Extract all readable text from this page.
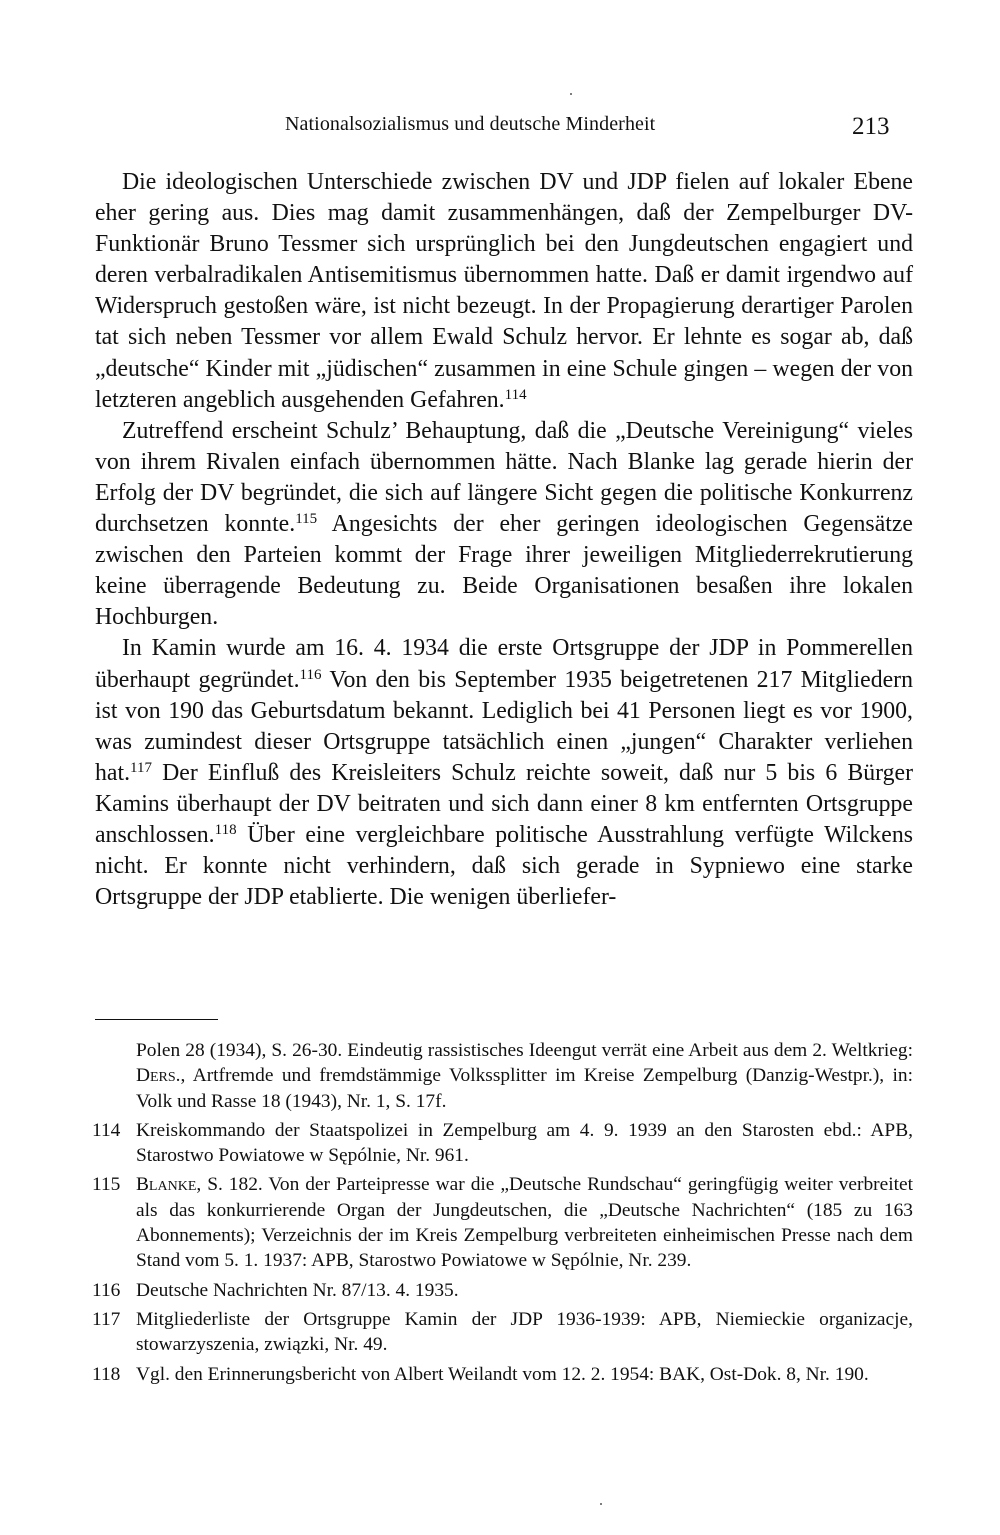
Nationalsozialismus und deutsche Minderheit	213

Die ideologischen Unterschiede zwischen DV und JDP fielen auf lokaler Ebene eher gering aus. Dies mag damit zusammenhängen, daß der Zempelburger DV-Funktionär Bruno Tessmer sich ursprünglich bei den Jungdeutschen engagiert und deren verbalradikalen Antisemitismus übernommen hatte. Daß er damit irgendwo auf Widerspruch gestoßen wäre, ist nicht bezeugt. In der Propagierung derartiger Parolen tat sich neben Tessmer vor allem Ewald Schulz hervor. Er lehnte es sogar ab, daß „deutsche“ Kinder mit „jüdischen“ zusammen in eine Schule gingen – wegen der von letzteren angeblich ausgehenden Gefahren.$^{114}$

Zutreffend erscheint Schulz’ Behauptung, daß die „Deutsche Vereinigung“ vieles von ihrem Rivalen einfach übernommen hätte. Nach Blanke lag gerade hierin der Erfolg der DV begründet, die sich auf längere Sicht gegen die politische Konkurrenz durchsetzen konnte.$^{115}$ Angesichts der eher geringen ideologischen Gegensätze zwischen den Parteien kommt der Frage ihrer jeweiligen Mitgliederrekrutierung keine überragende Bedeutung zu. Beide Organisationen besaßen ihre lokalen Hochburgen.

In Kamin wurde am 16. 4. 1934 die erste Ortsgruppe der JDP in Pommerellen überhaupt gegründet.$^{116}$ Von den bis September 1935 beigetretenen 217 Mitgliedern ist von 190 das Geburtsdatum bekannt. Lediglich bei 41 Personen liegt es vor 1900, was zumindest dieser Ortsgruppe tatsächlich einen „jungen“ Charakter verliehen hat.$^{117}$ Der Einfluß des Kreisleiters Schulz reichte soweit, daß nur 5 bis 6 Bürger Kamins überhaupt der DV beitraten und sich dann einer 8 km entfernten Ortsgruppe anschlossen.$^{118}$ Über eine vergleichbare politische Ausstrahlung verfügte Wilckens nicht. Er konnte nicht verhindern, daß sich gerade in Sypniewo eine starke Ortsgruppe der JDP etablierte. Die wenigen überliefer-

Polen 28 (1934), S. 26-30. Eindeutig rassistisches Ideengut verrät eine Arbeit aus dem 2. Weltkrieg: Ders., Artfremde und fremdstämmige Volkssplitter im Kreise Zempelburg (Danzig-Westpr.), in: Volk und Rasse 18 (1943), Nr. 1, S. 17f.
114 Kreiskommando der Staatspolizei in Zempelburg am 4. 9. 1939 an den Starosten ebd.: APB, Starostwo Powiatowe w Sępólnie, Nr. 961.
115 Blanke, S. 182. Von der Parteipresse war die „Deutsche Rundschau“ geringfügig weiter verbreitet als das konkurrierende Organ der Jungdeutschen, die „Deutsche Nachrichten“ (185 zu 163 Abonnements); Verzeichnis der im Kreis Zempelburg verbreiteten einheimischen Presse nach dem Stand vom 5. 1. 1937: APB, Starostwo Powiatowe w Sępólnie, Nr. 239.
116 Deutsche Nachrichten Nr. 87/13. 4. 1935.
117 Mitgliederliste der Ortsgruppe Kamin der JDP 1936-1939: APB, Niemieckie organizacje, stowarzyszenia, związki, Nr. 49.
118 Vgl. den Erinnerungsbericht von Albert Weilandt vom 12. 2. 1954: BAK, Ost-Dok. 8, Nr. 190.
